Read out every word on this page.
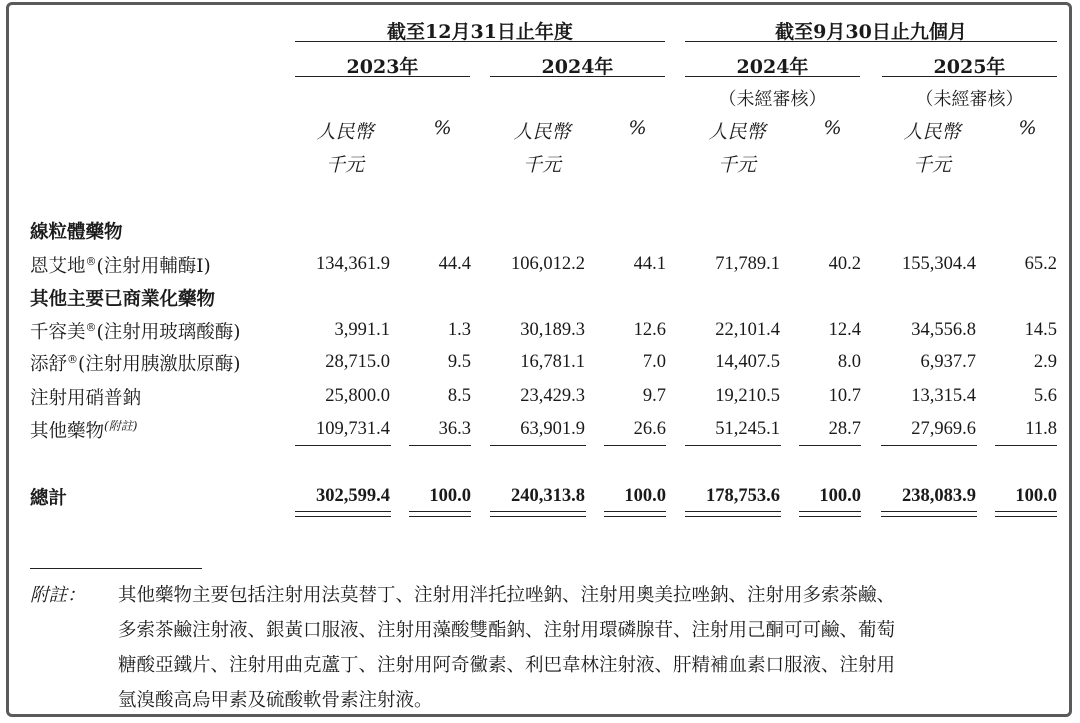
截至12月31日止年度	截至9月30日止九個月
2023年	2024年	2024年	2025年
（未經審核）	（未經審核）
人民幣	%	人民幣	%	人民幣	%	人民幣	%
千元	千元	千元	千元
線粒體藥物
恩艾地®(注射用輔酶I)	134,361.9	44.4	106,012.2	44.1	71,789.1	40.2	155,304.4	65.2
其他主要已商業化藥物
千容美®(注射用玻璃酸酶)	3,991.1	1.3	30,189.3	12.6	22,101.4	12.4	34,556.8	14.5
添舒®(注射用胰激肽原酶)	28,715.0	9.5	16,781.1	7.0	14,407.5	8.0	6,937.7	2.9
注射用硝普鈉	25,800.0	8.5	23,429.3	9.7	19,210.5	10.7	13,315.4	5.6
其他藥物$^{(附註)}$	109,731.4	36.3	63,901.9	26.6	51,245.1	28.7	27,969.6	11.8
總計	302,599.4	100.0	240,313.8	100.0	178,753.6	100.0	238,083.9	100.0
附註： 其他藥物主要包括注射用法莫替丁、注射用泮托拉唑鈉、注射用奧美拉唑鈉、注射用多索茶鹼、
多索茶鹼注射液、銀黃口服液、注射用藻酸雙酯鈉、注射用環磷腺苷、注射用己酮可可鹼、葡萄
糖酸亞鐵片、注射用曲克蘆丁、注射用阿奇黴素、利巴韋林注射液、肝精補血素口服液、注射用
氫溴酸高烏甲素及硫酸軟骨素注射液。
